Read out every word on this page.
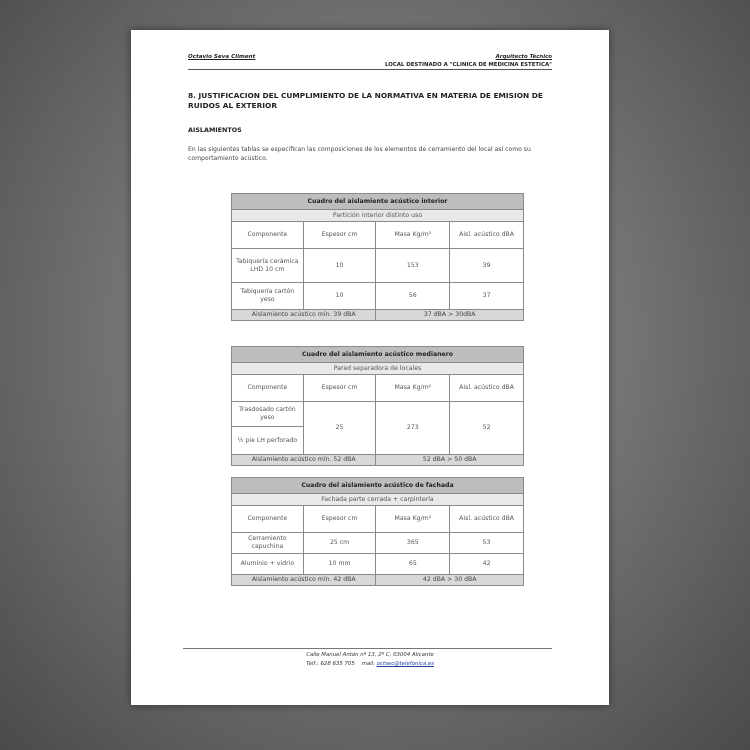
Octavio Seva Climent	Arquitecto Técnico
LOCAL DESTINADO A "CLINICA DE MEDICINA ESTETICA"
8. JUSTIFICACION DEL CUMPLIMIENTO DE LA NORMATIVA EN MATERIA DE EMISION DE RUIDOS AL EXTERIOR
AISLAMIENTOS
En las siguientes tablas se especifican las composiciones de los elementos de cerramiento del local así como su comportamiento acústico.
Cuadro del aislamiento acústico interior			
Partición interior distinto uso			
Componente	Espesor cm	Masa Kg/m²	Aisl. acústico dBA
Tabiquería cerámica LHD 10 cm	10	153	39
Tabiquería cartón yeso	10	56	37
Aislamiento acústico mín. 39 dBA		37 dBA > 30dBA	
Cuadro del aislamiento acústico medianero			
Pared separadora de locales			
Componente	Espesor cm	Masa Kg/m²	Aisl. acústico dBA
Trasdosado cartón yeso	25	273	52
½ pie LH perforado			
Aislamiento acústico mín. 52 dBA		52 dBA > 50 dBA	
Cuadro del aislamiento acústico de fachada			
Fachada parte cerrada + carpintería			
Componente	Espesor cm	Masa Kg/m²	Aisl. acústico dBA
Cerramiento capuchina	25 cm	365	53
Aluminio + vidrio	10 mm	65	42
Aislamiento acústico mín. 42 dBA		42 dBA > 30 dBA	
Calle Manuel Antón nº 13, 2º C, 03004 Alicante
Telf.: 628 635 705 mail: octsec@telefonica.es
